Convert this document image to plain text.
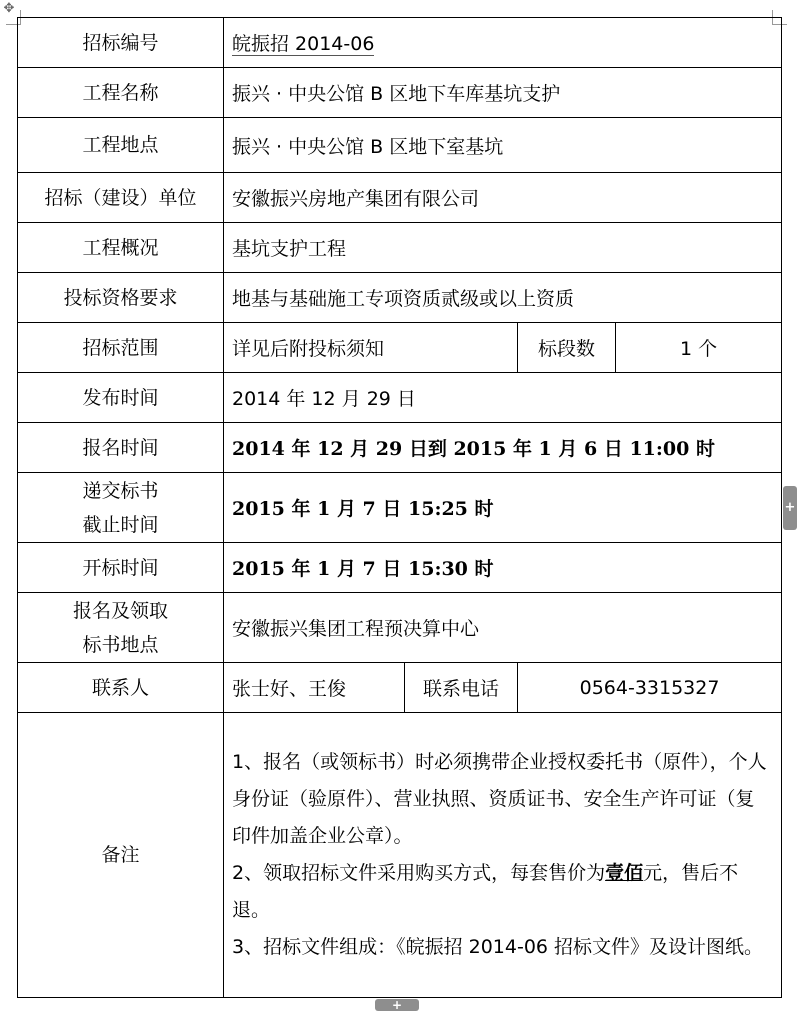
✥
招标编号	皖振招 2014-06			
工程名称	振兴 · 中央公馆 B 区地下车库基坑支护			
工程地点	振兴 · 中央公馆 B 区地下室基坑			
招标（建设）单位	安徽振兴房地产集团有限公司			
工程概况	基坑支护工程			
投标资格要求	地基与基础施工专项资质贰级或以上资质			
招标范围	详见后附投标须知		标段数	1 个
发布时间	2014 年 12 月 29 日			
报名时间	2014 年 12 月 29 日到 2015 年 1 月 6 日 11:00 时			

递交标书
截止时间	2015 年 1 月 7 日 15:25 时			
开标时间	2015 年 1 月 7 日 15:30 时			

报名及领取
标书地点	安徽振兴集团工程预决算中心			
联系人	张士好、王俊	联系电话	0564-3315327	
备注	1、报名（或领标书）时必须携带企业授权委托书（原件），个人身份证（验原件）、营业执照、资质证书、安全生产许可证（复印件加盖企业公章）。
2、领取招标文件采用购买方式，每套售价为壹佰元，售后不退。
3、招标文件组成：《皖振招 2014-06 招标文件》及设计图纸。			
+
+
